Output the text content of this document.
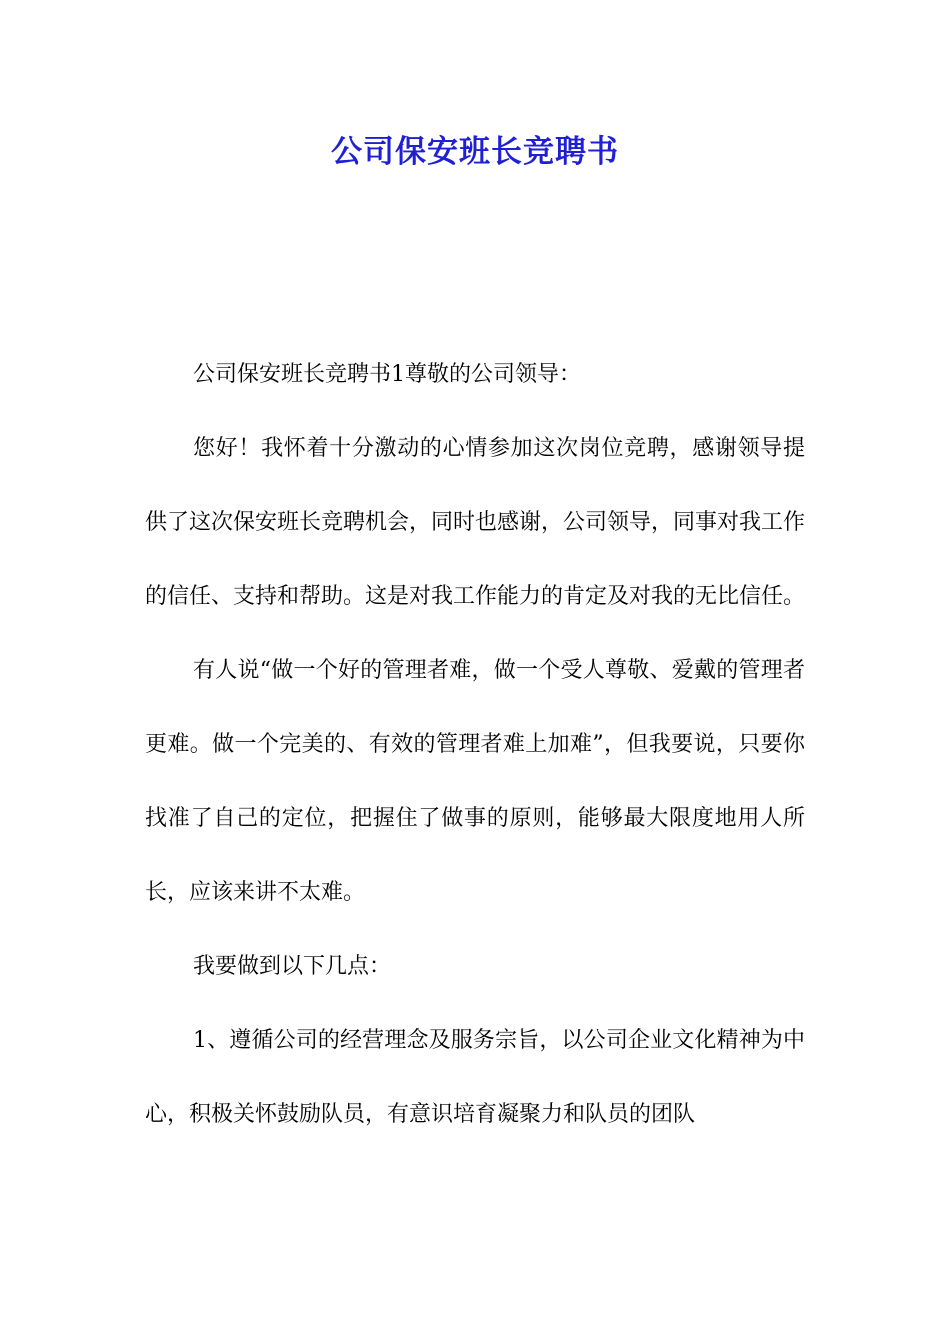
公司保安班长竞聘书

公司保安班长竞聘书1尊敬的公司领导：

您好！我怀着十分激动的心情参加这次岗位竞聘，感谢领导提供了这次保安班长竞聘机会，同时也感谢，公司领导，同事对我工作的信任、支持和帮助。这是对我工作能力的肯定及对我的无比信任。

有人说“做一个好的管理者难，做一个受人尊敬、爱戴的管理者更难。做一个完美的、有效的管理者难上加难”，但我要说，只要你找准了自己的定位，把握住了做事的原则，能够最大限度地用人所长，应该来讲不太难。

我要做到以下几点：

1、遵循公司的经营理念及服务宗旨，以公司企业文化精神为中心，积极关怀鼓励队员，有意识培育凝聚力和队员的团队
